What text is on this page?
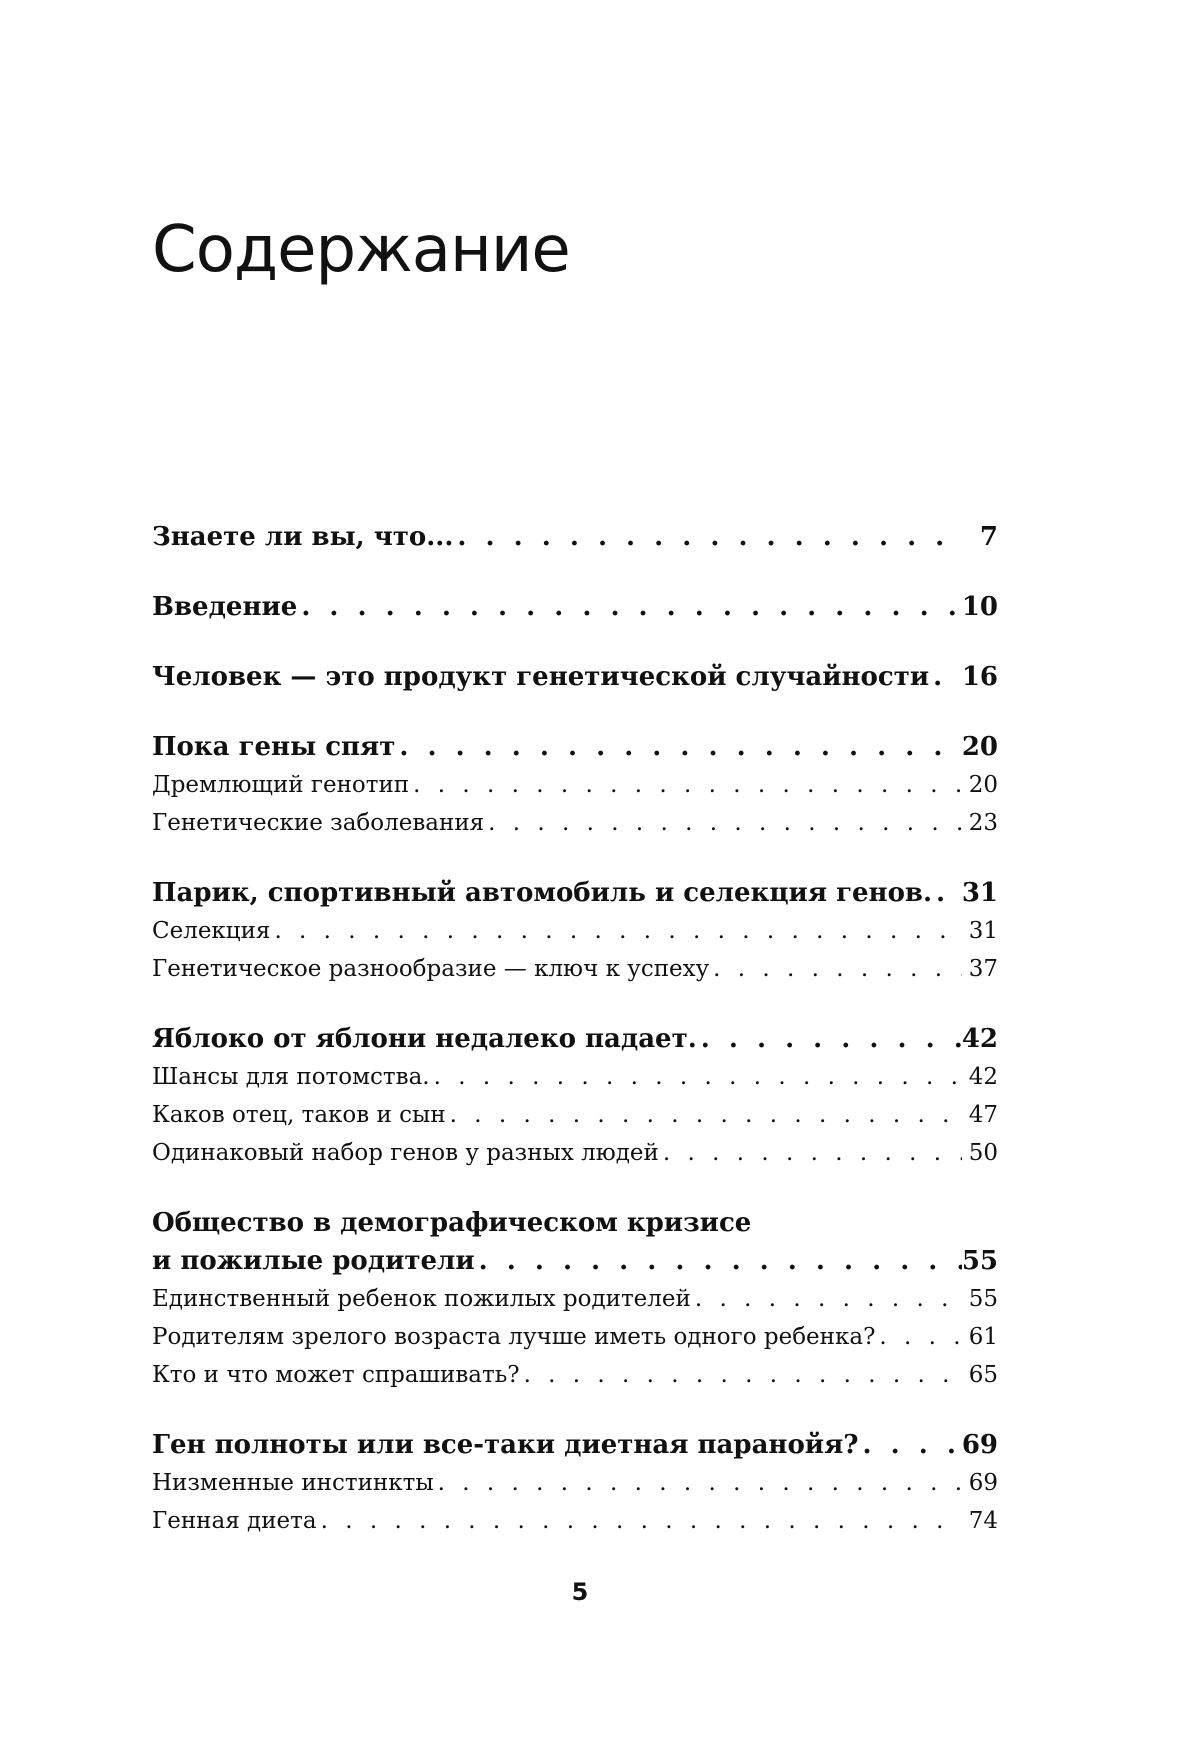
Содержание
Знаете ли вы, что... . . .	7
Введение . . .	10
Человек — это продукт генетической случайности . . . 16
Пока гены спят . . .	20
Дремлющий генотип . . .	20
Генетические заболевания . . .	23
Парик, спортивный автомобиль и селекция генов. . . . 31
Селекция . . .	31
Генетическое разнообразие — ключ к успеху . . .	37
Яблоко от яблони недалеко падает. . . .	42
Шансы для потомства. . . .	42
Каков отец, таков и сын . . .	47
Одинаковый набор генов у разных людей . . .	50
Общество в демографическом кризисе
и пожилые родители . . .	55
Единственный ребенок пожилых родителей . . .	55
Родителям зрелого возраста лучше иметь одного ребенка? . . .	61
Кто и что может спрашивать? . . .	65
Ген полноты или все-таки диетная паранойя? . . .	69
Низменные инстинкты . . .	69
Генная диета . . .	74
5
